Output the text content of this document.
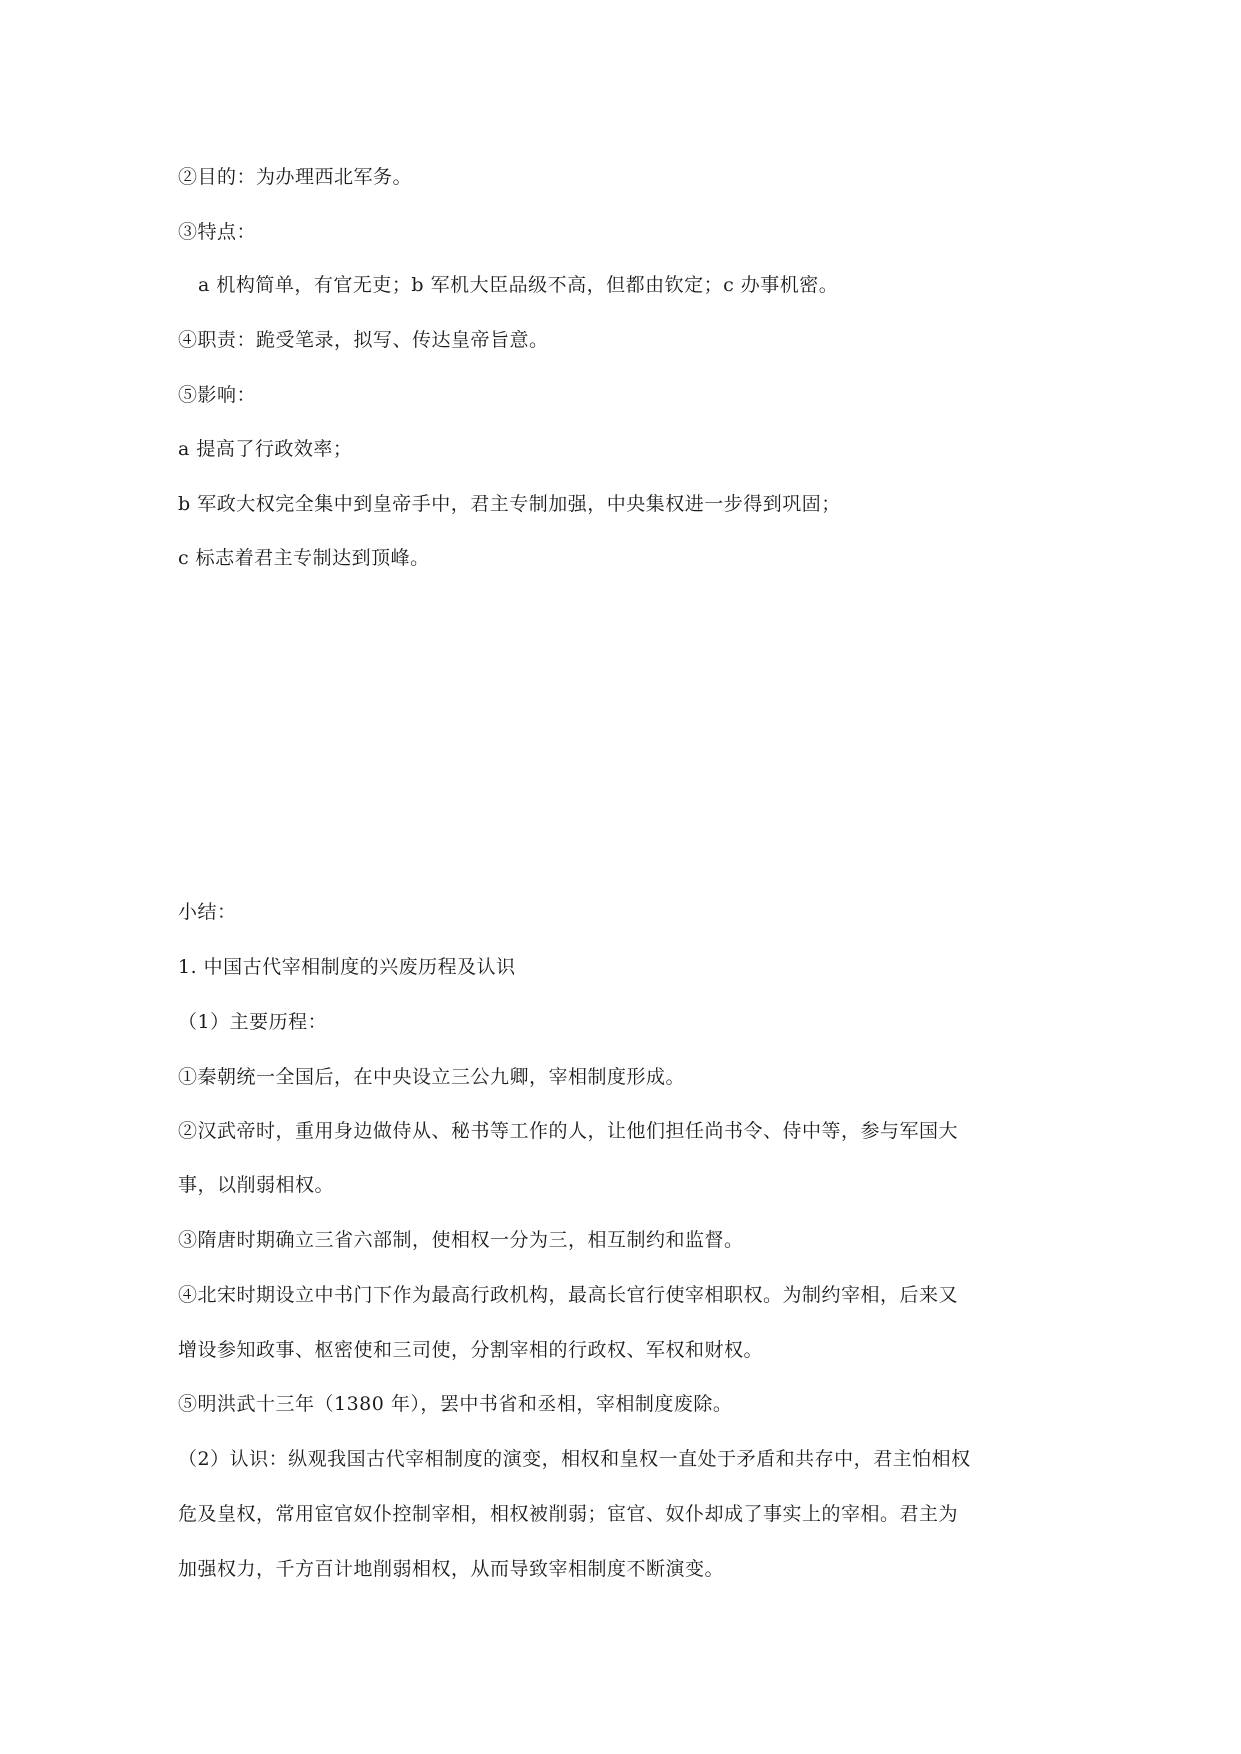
②目的：为办理西北军务。
③特点：
a 机构简单，有官无吏；b 军机大臣品级不高，但都由钦定；c 办事机密。
④职责：跪受笔录，拟写、传达皇帝旨意。
⑤影响：
a 提高了行政效率；
b 军政大权完全集中到皇帝手中，君主专制加强，中央集权进一步得到巩固；
c 标志着君主专制达到顶峰。
小结：
1. 中国古代宰相制度的兴废历程及认识
（1）主要历程：
①秦朝统一全国后，在中央设立三公九卿，宰相制度形成。
②汉武帝时，重用身边做侍从、秘书等工作的人，让他们担任尚书令、侍中等，参与军国大
事，以削弱相权。
③隋唐时期确立三省六部制，使相权一分为三，相互制约和监督。
④北宋时期设立中书门下作为最高行政机构，最高长官行使宰相职权。为制约宰相，后来又
增设参知政事、枢密使和三司使，分割宰相的行政权、军权和财权。
⑤明洪武十三年（1380 年），罢中书省和丞相，宰相制度废除。
（2）认识：纵观我国古代宰相制度的演变，相权和皇权一直处于矛盾和共存中，君主怕相权
危及皇权，常用宦官奴仆控制宰相，相权被削弱；宦官、奴仆却成了事实上的宰相。君主为
加强权力，千方百计地削弱相权，从而导致宰相制度不断演变。
